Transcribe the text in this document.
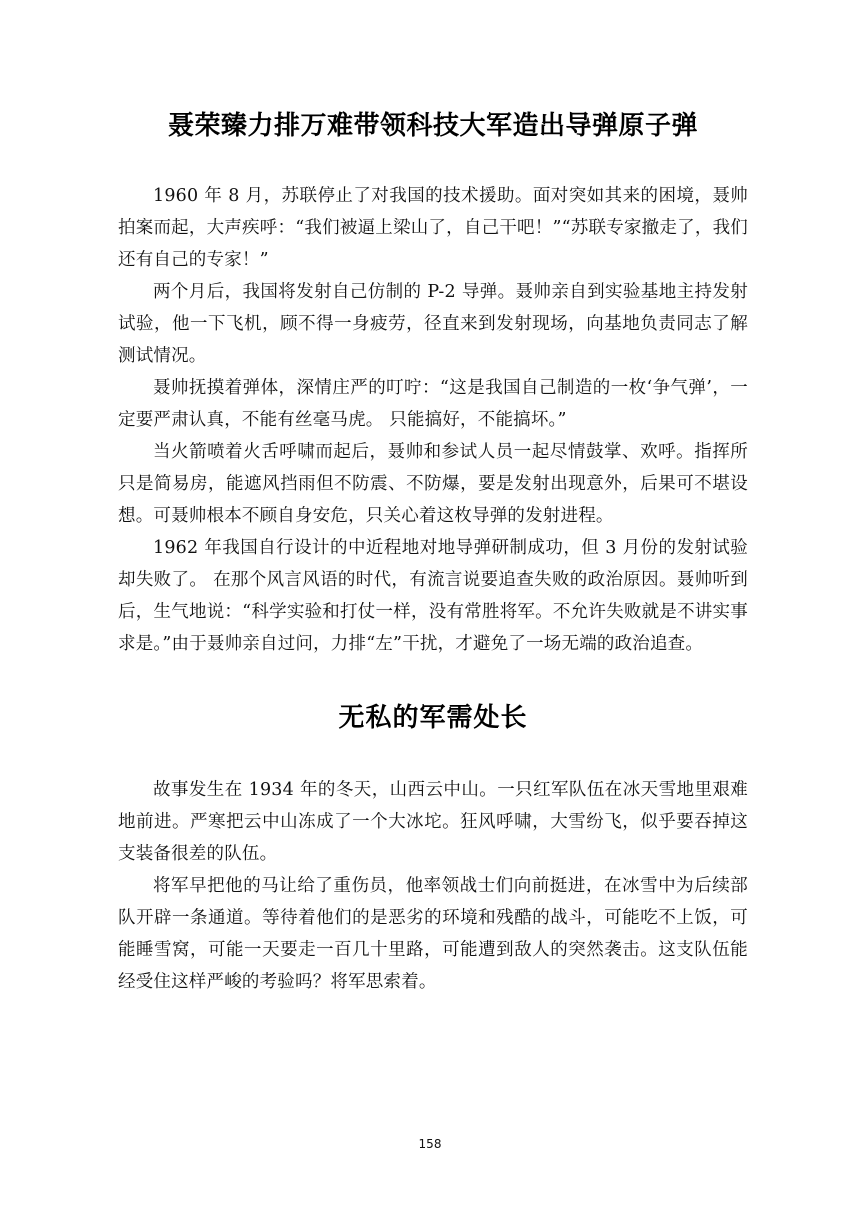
聂荣臻力排万难带领科技大军造出导弹原子弹

1960 年 8 月，苏联停止了对我国的技术援助。面对突如其来的困境，聂帅拍案而起，大声疾呼：“我们被逼上梁山了，自己干吧！”“苏联专家撤走了，我们还有自己的专家！”

两个月后，我国将发射自己仿制的 P-2 导弹。聂帅亲自到实验基地主持发射试验，他一下飞机，顾不得一身疲劳，径直来到发射现场，向基地负责同志了解测试情况。

聂帅抚摸着弹体，深情庄严的叮咛：“这是我国自己制造的一枚‘争气弹’，一定要严肃认真，不能有丝毫马虎。 只能搞好，不能搞坏。”

当火箭喷着火舌呼啸而起后，聂帅和参试人员一起尽情鼓掌、欢呼。指挥所只是简易房，能遮风挡雨但不防震、不防爆，要是发射出现意外，后果可不堪设想。可聂帅根本不顾自身安危，只关心着这枚导弹的发射进程。

1962 年我国自行设计的中近程地对地导弹研制成功，但 3 月份的发射试验却失败了。 在那个风言风语的时代，有流言说要追查失败的政治原因。聂帅听到后，生气地说：“科学实验和打仗一样，没有常胜将军。不允许失败就是不讲实事求是。”由于聂帅亲自过问，力排“左”干扰，才避免了一场无端的政治追查。

无私的军需处长

故事发生在 1934 年的冬天，山西云中山。一只红军队伍在冰天雪地里艰难地前进。严寒把云中山冻成了一个大冰坨。狂风呼啸，大雪纷飞，似乎要吞掉这支装备很差的队伍。

将军早把他的马让给了重伤员，他率领战士们向前挺进，在冰雪中为后续部队开辟一条通道。等待着他们的是恶劣的环境和残酷的战斗，可能吃不上饭，可能睡雪窝，可能一天要走一百几十里路，可能遭到敌人的突然袭击。这支队伍能经受住这样严峻的考验吗？将军思索着。

158
